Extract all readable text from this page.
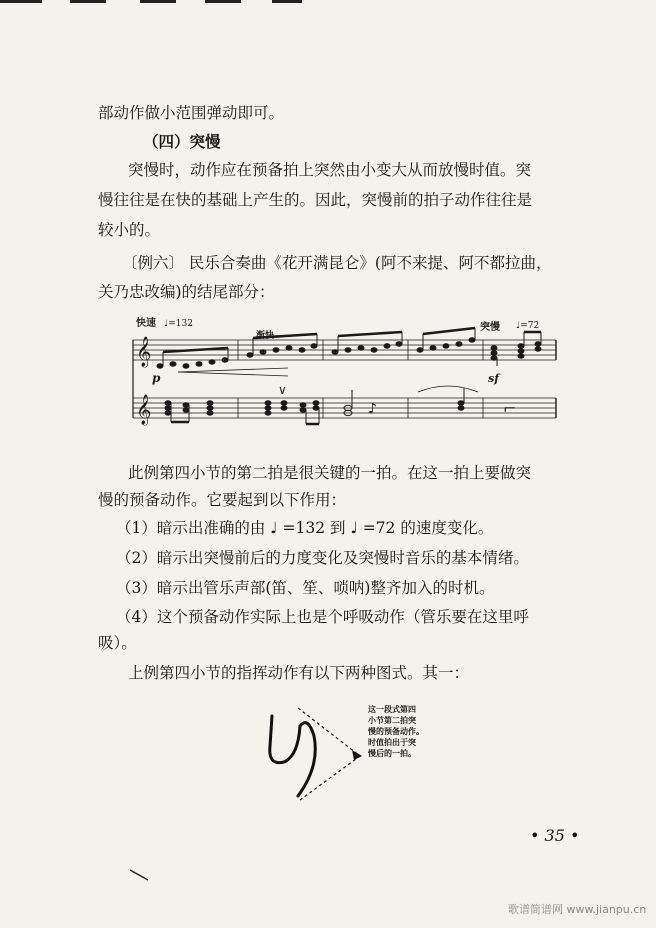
部动作做小范围弹动即可。
（四）突慢
突慢时，动作应在预备拍上突然由小变大从而放慢时值。突
慢往往是在快的基础上产生的。因此，突慢前的拍子动作往往是
较小的。
〔例六〕 民乐合奏曲《花开满昆仑》(阿不来提、阿不都拉曲，
关乃忠改编)的结尾部分：
𝄞
𝄞	♪	⌐
∨
快速 ♩=132
渐快
突慢 ♩=72
p	sf
此例第四小节的第二拍是很关键的一拍。在这一拍上要做突
慢的预备动作。它要起到以下作用：
（1）暗示出准确的由 ♩ =132 到 ♩ =72 的速度变化。
（2）暗示出突慢前后的力度变化及突慢时音乐的基本情绪。
（3）暗示出管乐声部(笛、笙、唢呐)整齐加入的时机。
（4）这个预备动作实际上也是个呼吸动作（管乐要在这里呼
吸）。
上例第四小节的指挥动作有以下两种图式。其一：
这一段式第四
小节第二拍突
慢的预备动作。
时值拍出于突
慢后的一拍。
• 35 •
歌谱简谱网 www.jianpu.cn
